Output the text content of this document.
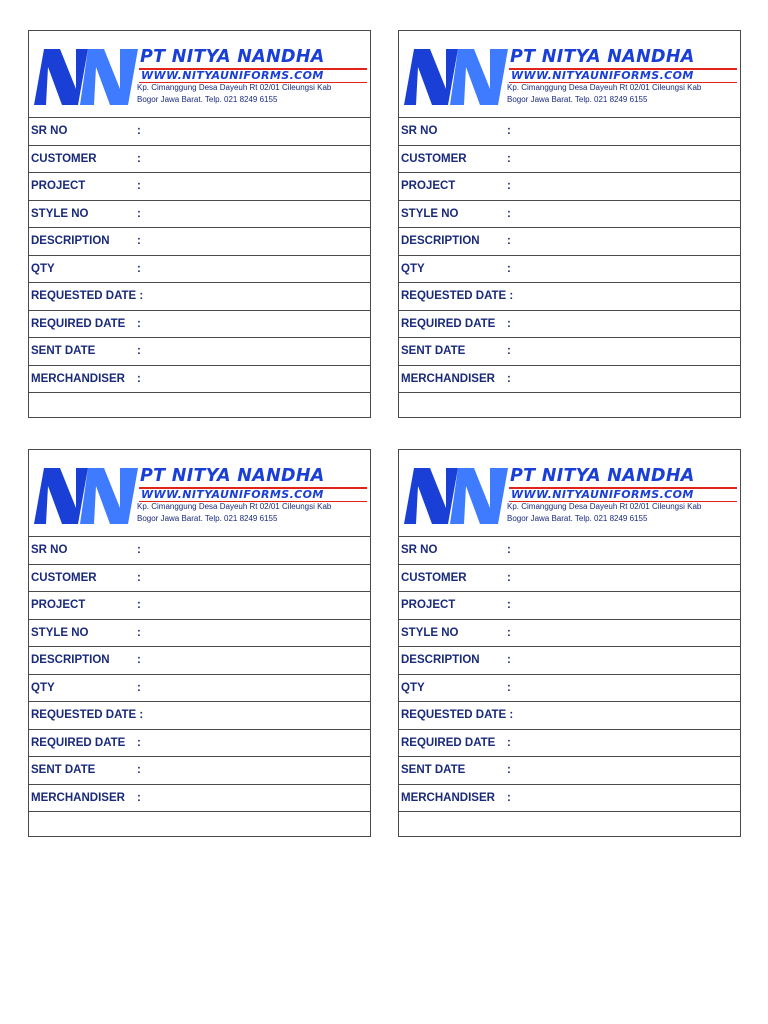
PT NITYA NANDHA
WWW.NITYAUNIFORMS.COM
Kp. Cimanggung Desa Dayeuh Rt 02/01 Cileungsi Kab
Bogor Jawa Barat. Telp. 021 8249 6155
SR NO	:
CUSTOMER	:
PROJECT	:
STYLE NO	:
DESCRIPTION :
QTY	:
REQUESTED DATE :
REQUIRED DATE :
SENT DATE	:
MERCHANDISER :
PT NITYA NANDHA
WWW.NITYAUNIFORMS.COM
Kp. Cimanggung Desa Dayeuh Rt 02/01 Cileungsi Kab
Bogor Jawa Barat. Telp. 021 8249 6155
SR NO	:
CUSTOMER	:
PROJECT	:
STYLE NO	:
DESCRIPTION :
QTY	:
REQUESTED DATE :
REQUIRED DATE :
SENT DATE	:
MERCHANDISER :
PT NITYA NANDHA
WWW.NITYAUNIFORMS.COM
Kp. Cimanggung Desa Dayeuh Rt 02/01 Cileungsi Kab
Bogor Jawa Barat. Telp. 021 8249 6155
SR NO	:
CUSTOMER	:
PROJECT	:
STYLE NO	:
DESCRIPTION :
QTY	:
REQUESTED DATE :
REQUIRED DATE :
SENT DATE	:
MERCHANDISER :
PT NITYA NANDHA
WWW.NITYAUNIFORMS.COM
Kp. Cimanggung Desa Dayeuh Rt 02/01 Cileungsi Kab
Bogor Jawa Barat. Telp. 021 8249 6155
SR NO	:
CUSTOMER	:
PROJECT	:
STYLE NO	:
DESCRIPTION :
QTY	:
REQUESTED DATE :
REQUIRED DATE :
SENT DATE	:
MERCHANDISER :
